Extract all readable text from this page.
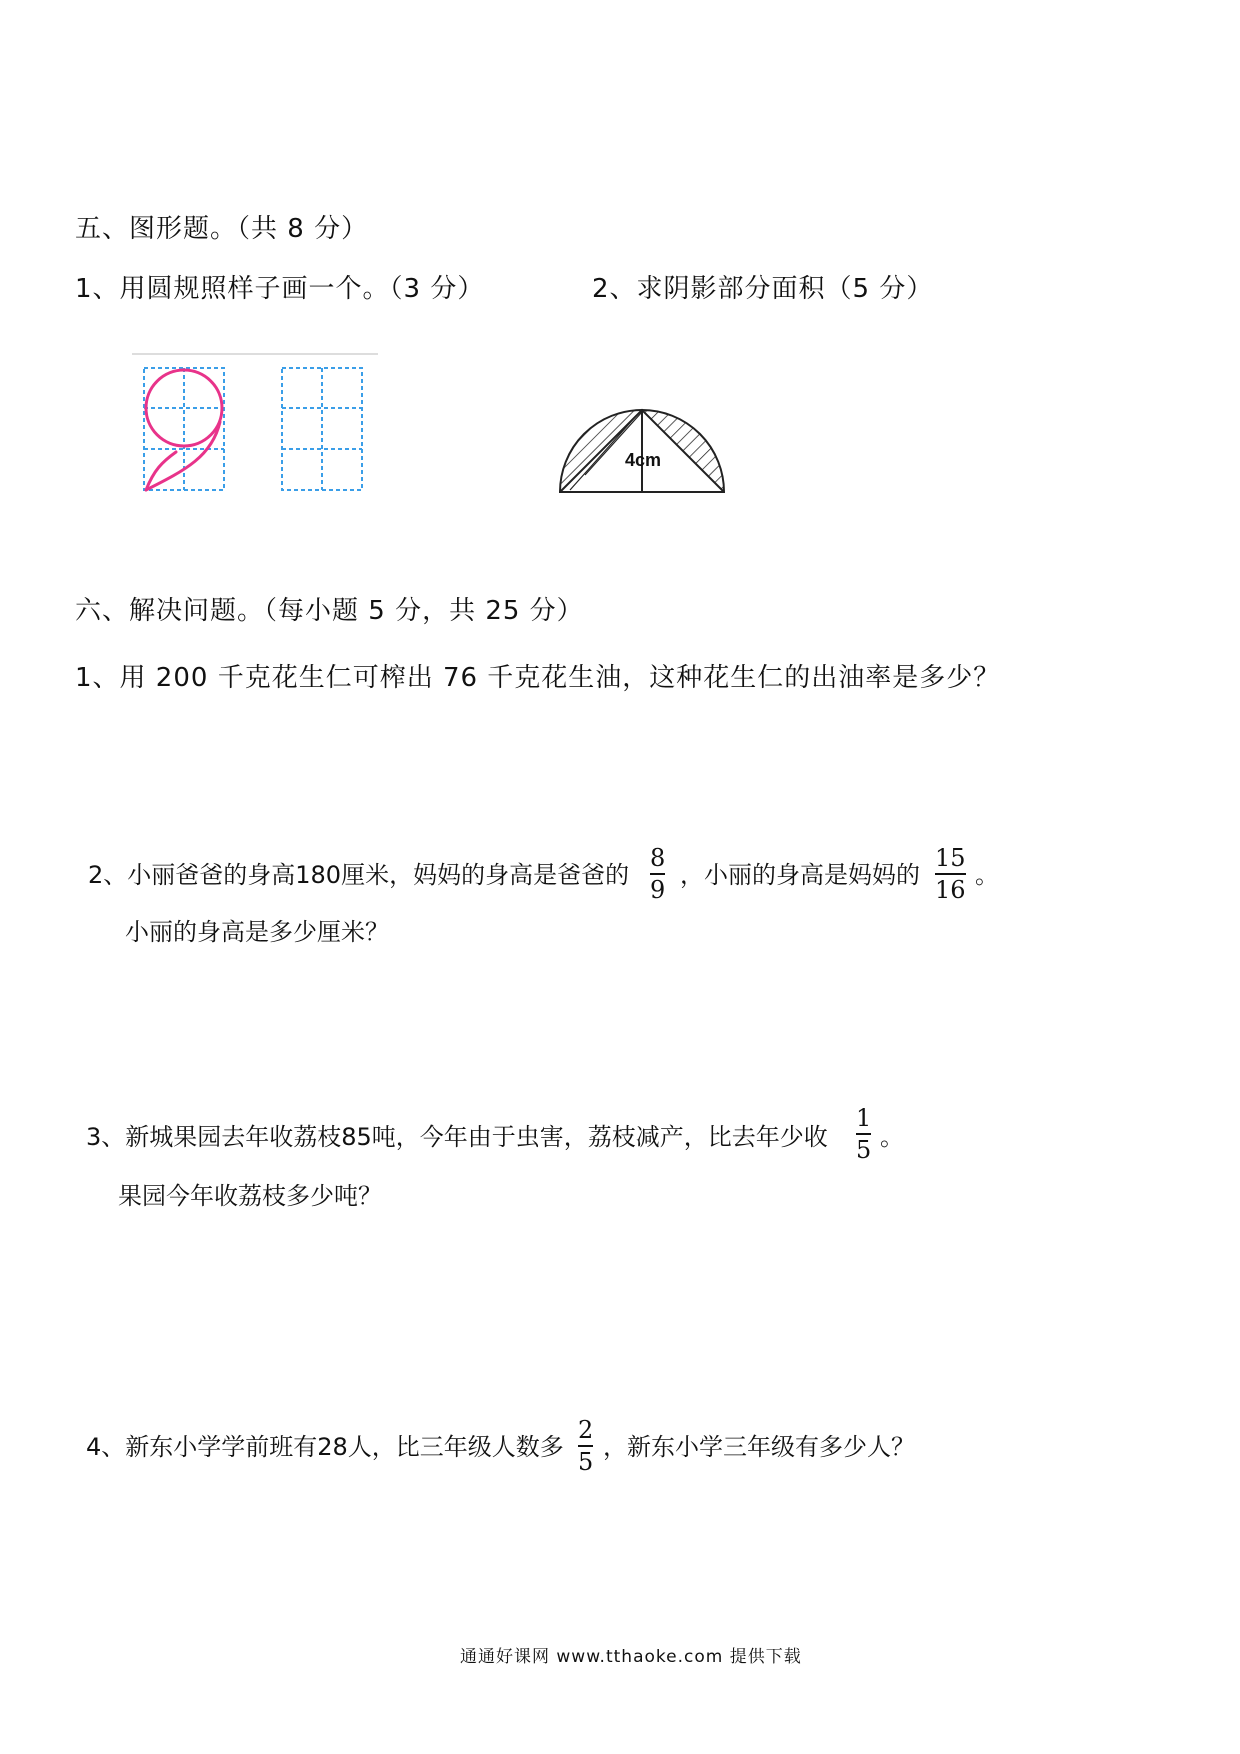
五、图形题。（共 8 分）
1、用圆规照样子画一个。（3 分）	2、求阴影部分面积（5 分）
4cm
六、解决问题。（每小题 5 分，共 25 分）
1、用 200 千克花生仁可榨出 76 千克花生油，这种花生仁的出油率是多少？
2、小丽爸爸的身高180厘米，妈妈的身高是爸爸的
8
9
，小丽的身高是妈妈的
15
16
。
小丽的身高是多少厘米？
3、新城果园去年收荔枝85吨，今年由于虫害，荔枝减产，比去年少收
1
5 。
果园今年收荔枝多少吨？
4、新东小学学前班有28人，比三年级人数多
2
5
，新东小学三年级有多少人？
通通好课网 www.tthaoke.com 提供下载
